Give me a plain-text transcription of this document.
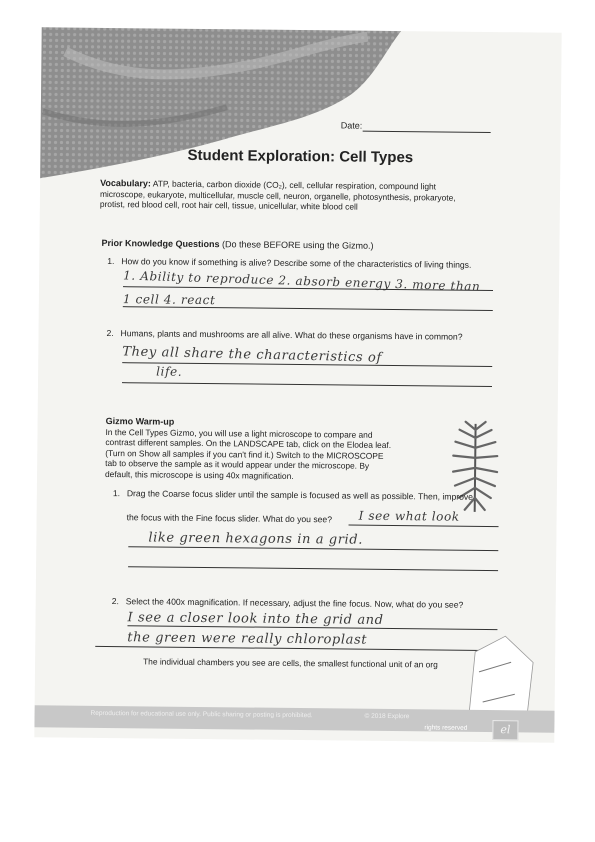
Date:
Student Exploration: Cell Types
Vocabulary: ATP, bacteria, carbon dioxide (CO₂), cell, cellular respiration, compound light
microscope, eukaryote, multicellular, muscle cell, neuron, organelle, photosynthesis, prokaryote,
protist, red blood cell, root hair cell, tissue, unicellular, white blood cell
Prior Knowledge Questions (Do these BEFORE using the Gizmo.)
1. How do you know if something is alive? Describe some of the characteristics of living things.
1. Ability to reproduce 2. absorb energy 3. more than
1 cell 4. react
2. Humans, plants and mushrooms are all alive. What do these organisms have in common?
They all share the characteristics of
life.
Gizmo Warm-up
In the Cell Types Gizmo, you will use a light microscope to compare and
contrast different samples. On the LANDSCAPE tab, click on the Elodea leaf.
(Turn on Show all samples if you can't find it.) Switch to the MICROSCOPE
tab to observe the sample as it would appear under the microscope. By
default, this microscope is using 40x magnification.
1. Drag the Coarse focus slider until the sample is focused as well as possible. Then, improve
the focus with the Fine focus slider. What do you see? I see what look
like green hexagons in a grid.
2. Select the 400x magnification. If necessary, adjust the fine focus. Now, what do you see?
I see a closer look into the grid and
the green were really chloroplast
The individual chambers you see are cells, the smallest functional unit of an org
Reproduction for educational use only. Public sharing or posting is prohibited.	© 2018 Explore
rights reserved	el
